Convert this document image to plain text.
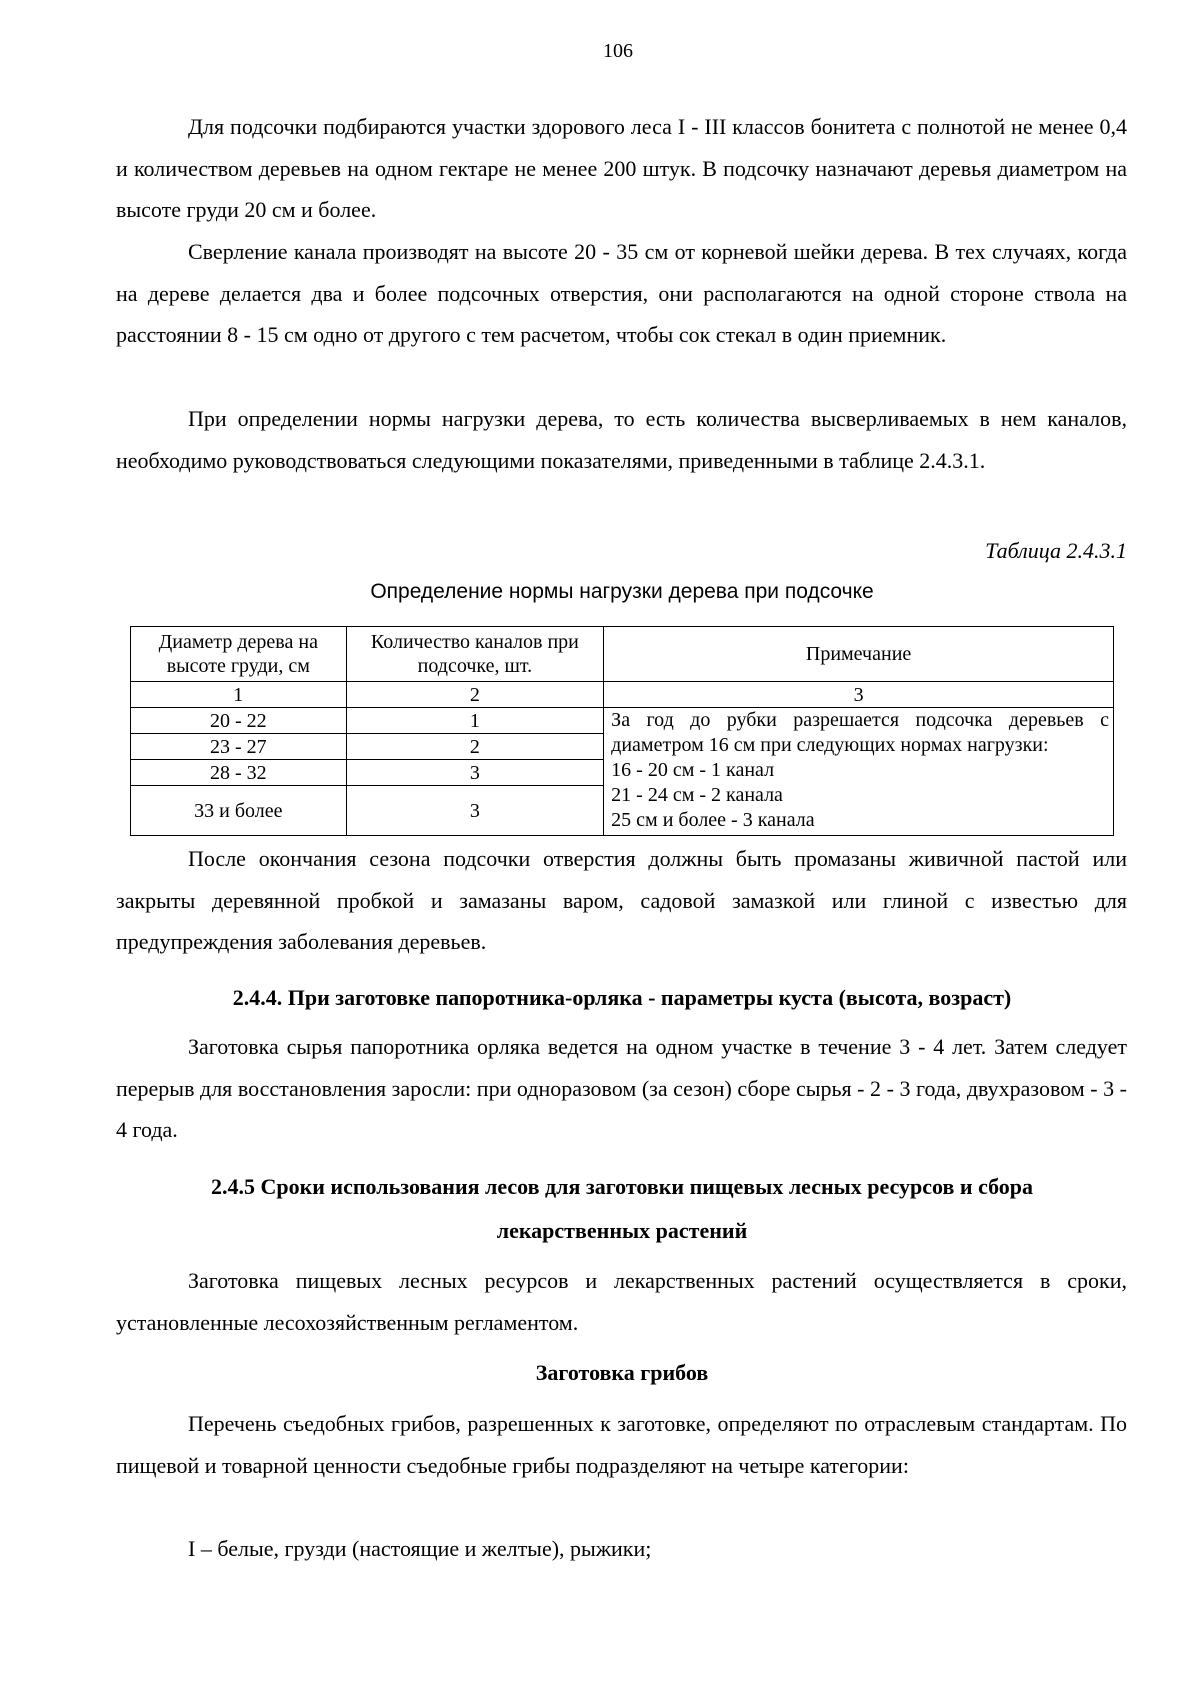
106

Для подсочки подбираются участки здорового леса I - III классов бонитета с полнотой не менее 0,4 и количеством деревьев на одном гектаре не менее 200 штук. В подсочку назначают деревья диаметром на высоте груди 20 см и более.

Сверление канала производят на высоте 20 - 35 см от корневой шейки дерева. В тех случаях, когда на дереве делается два и более подсочных отверстия, они располагаются на одной стороне ствола на расстоянии 8 - 15 см одно от другого с тем расчетом, чтобы сок стекал в один приемник.

При определении нормы нагрузки дерева, то есть количества высверливаемых в нем каналов, необходимо руководствоваться следующими показателями, приведенными в таблице 2.4.3.1.

Таблица 2.4.3.1
Определение нормы нагрузки дерева при подсочке
Диаметр дерева на высоте груди, см	Количество каналов при подсочке, шт.	Примечание
1	2	3
20 - 22	1	За год до рубки разрешается подсочка деревьев с
диаметром 16 см при следующих нормах нагрузки:
16 - 20 см - 1 канал
21 - 24 см - 2 канала
25 см и более - 3 канала

23 - 27	2	
28 - 32	3	
33 и более	3	

После окончания сезона подсочки отверстия должны быть промазаны живичной пастой или закрыты деревянной пробкой и замазаны варом, садовой замазкой или глиной с известью для предупреждения заболевания деревьев.

2.4.4. При заготовке папоротника-орляка - параметры куста (высота, возраст)

Заготовка сырья папоротника орляка ведется на одном участке в течение 3 - 4 лет. Затем следует перерыв для восстановления заросли: при одноразовом (за сезон) сборе сырья - 2 - 3 года, двухразовом - 3 - 4 года.

2.4.5 Сроки использования лесов для заготовки пищевых лесных ресурсов и сбора
лекарственных растений

Заготовка пищевых лесных ресурсов и лекарственных растений осуществляется в сроки, установленные лесохозяйственным регламентом.

Заготовка грибов

Перечень съедобных грибов, разрешенных к заготовке, определяют по отраслевым стандартам. По пищевой и товарной ценности съедобные грибы подразделяют на четыре категории:

I – белые, грузди (настоящие и желтые), рыжики;
